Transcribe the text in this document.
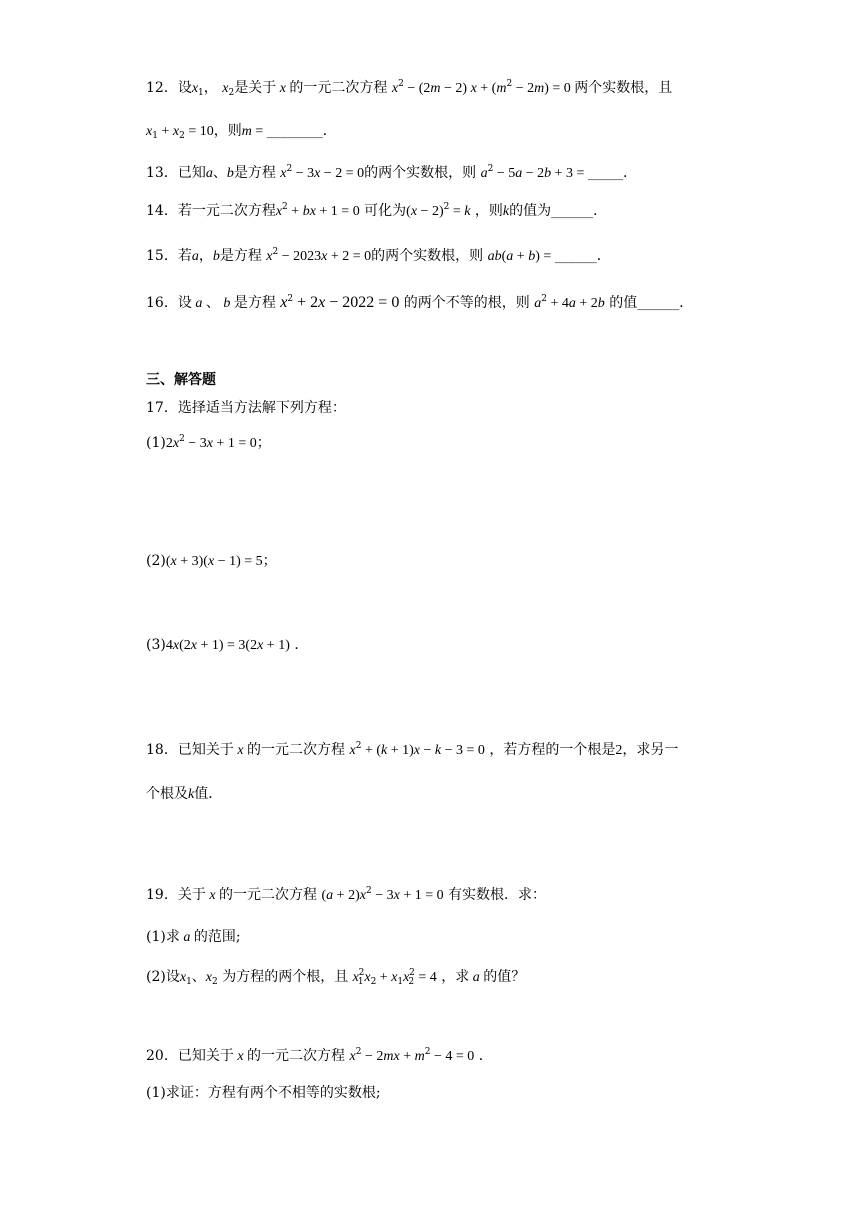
12．设$x_1$， $x_2$是关于 x 的一元二次方程 $x^2 - (2m - 2) x + (m^2 - 2m) = 0$ 两个实数根，且
$x_1 + x_2 = 10$，则m = ________．
13．已知a、b是方程 $x^2 - 3x - 2 = 0$的两个实数根，则 $a^2 - 5a - 2b + 3$ = _____．
14．若一元二次方程$x^2$ + bx + 1 = 0 可化为$(x - 2)^2 = k$ ，则k的值为______．
15．若a，b是方程 $x^2 - 2023x + 2 = 0$的两个实数根，则 ab(a + b) = ______．
16．设 a 、 b 是方程 $x^2 + 2x - 2022 = 0$ 的两个不等的根，则 $a^2 + 4a + 2b$ 的值______．
三、解答题
17．选择适当方法解下列方程：
$(1)2x^2 - 3x + 1 = 0$；
(2)(x + 3)(x − 1) = 5；
(3)4x(2x + 1) = 3(2x + 1) ．
18．已知关于 x 的一元二次方程 $x^2 + (k + 1)x - k - 3 = 0$ ，若方程的一个根是2，求另一
个根及k值．
19．关于 x 的一元二次方程 $(a + 2)x^2 - 3x + 1 = 0$ 有实数根．求：
(1)求 a 的范围;
(2)设$x_1$、$x_2$ 为方程的两个根，且 $x_1^2x_2 + x_1x_2^2 = 4$ ，求 a 的值？
20．已知关于 x 的一元二次方程 $x^2 - 2mx + m^2 - 4 = 0$ ．
(1)求证：方程有两个不相等的实数根;
